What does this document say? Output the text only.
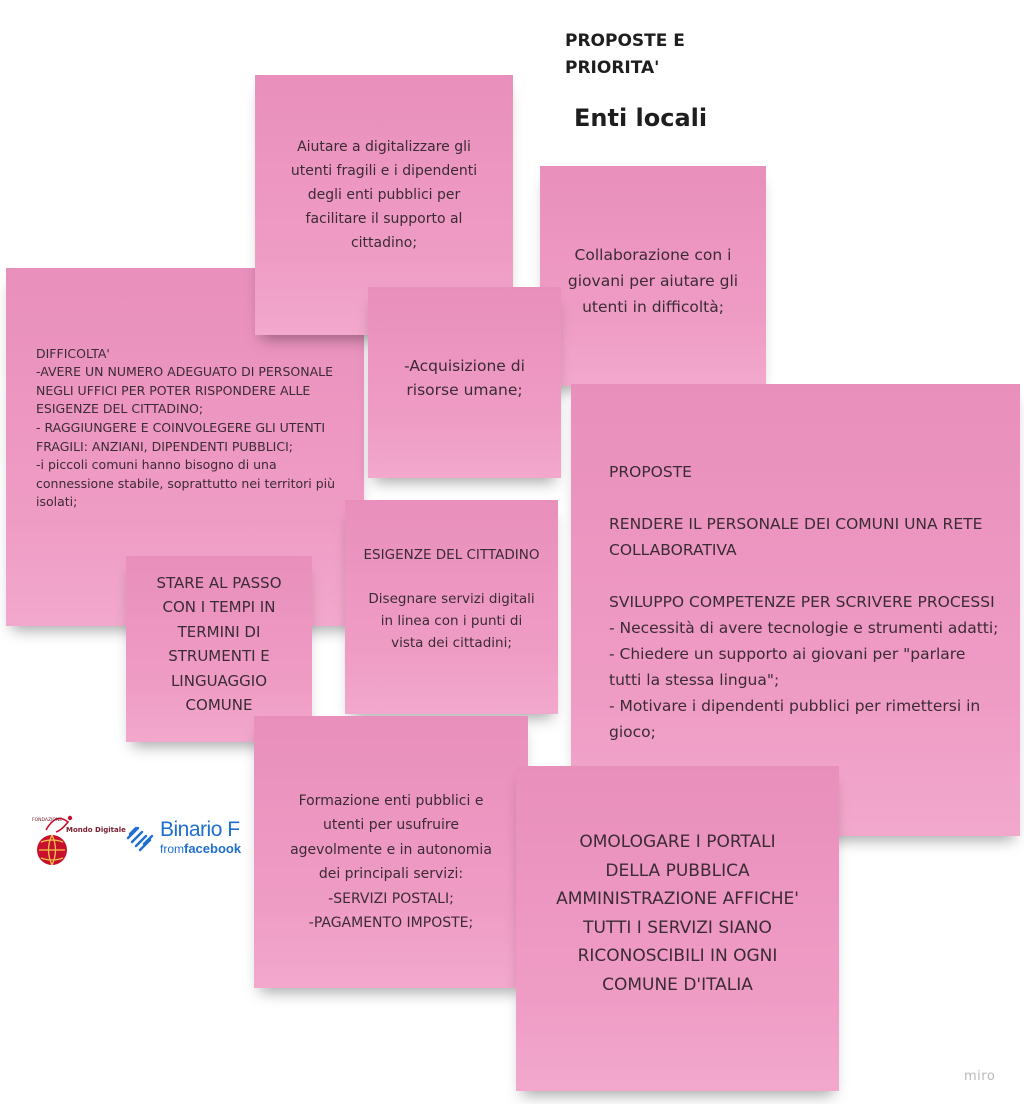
PROPOSTE E
PRIORITA'
Enti locali

DIFFICOLTA'
-AVERE UN NUMERO ADEGUATO DI PERSONALE NEGLI UFFICI PER POTER RISPONDERE ALLE ESIGENZE DEL CITTADINO;
- RAGGIUNGERE E COINVOLEGERE GLI UTENTI FRAGILI: ANZIANI, DIPENDENTI PUBBLICI;
-i piccoli comuni hanno bisogno di una connessione stabile, soprattutto nei territori più isolati;

Aiutare a digitalizzare gli utenti fragili e i dipendenti degli enti pubblici per facilitare il supporto al cittadino;
Collaborazione con i giovani per aiutare gli utenti in difficoltà;
-Acquisizione di risorse umane;

PROPOSTE

RENDERE IL PERSONALE DEI COMUNI UNA RETE COLLABORATIVA

SVILUPPO COMPETENZE PER SCRIVERE PROCESSI
- Necessità di avere tecnologie e strumenti adatti;
- Chiedere un supporto ai giovani per "parlare tutti la stessa lingua";
- Motivare i dipendenti pubblici per rimettersi in gioco;

ESIGENZE DEL CITTADINO

Disegnare servizi digitali in linea con i punti di vista dei cittadini;

STARE AL PASSO CON I TEMPI IN TERMINI DI STRUMENTI E LINGUAGGIO COMUNE

Formazione enti pubblici e utenti per usufruire agevolmente e in autonomia dei principali servizi:
-SERVIZI POSTALI;
-PAGAMENTO IMPOSTE;

OMOLOGARE I PORTALI DELLA PUBBLICA AMMINISTRAZIONE AFFICHE' TUTTI I SERVIZI SIANO RICONOSCIBILI IN OGNI COMUNE D'ITALIA
FONDAZIONE
Mondo Digitale Binario F
fromfacebook
miro
